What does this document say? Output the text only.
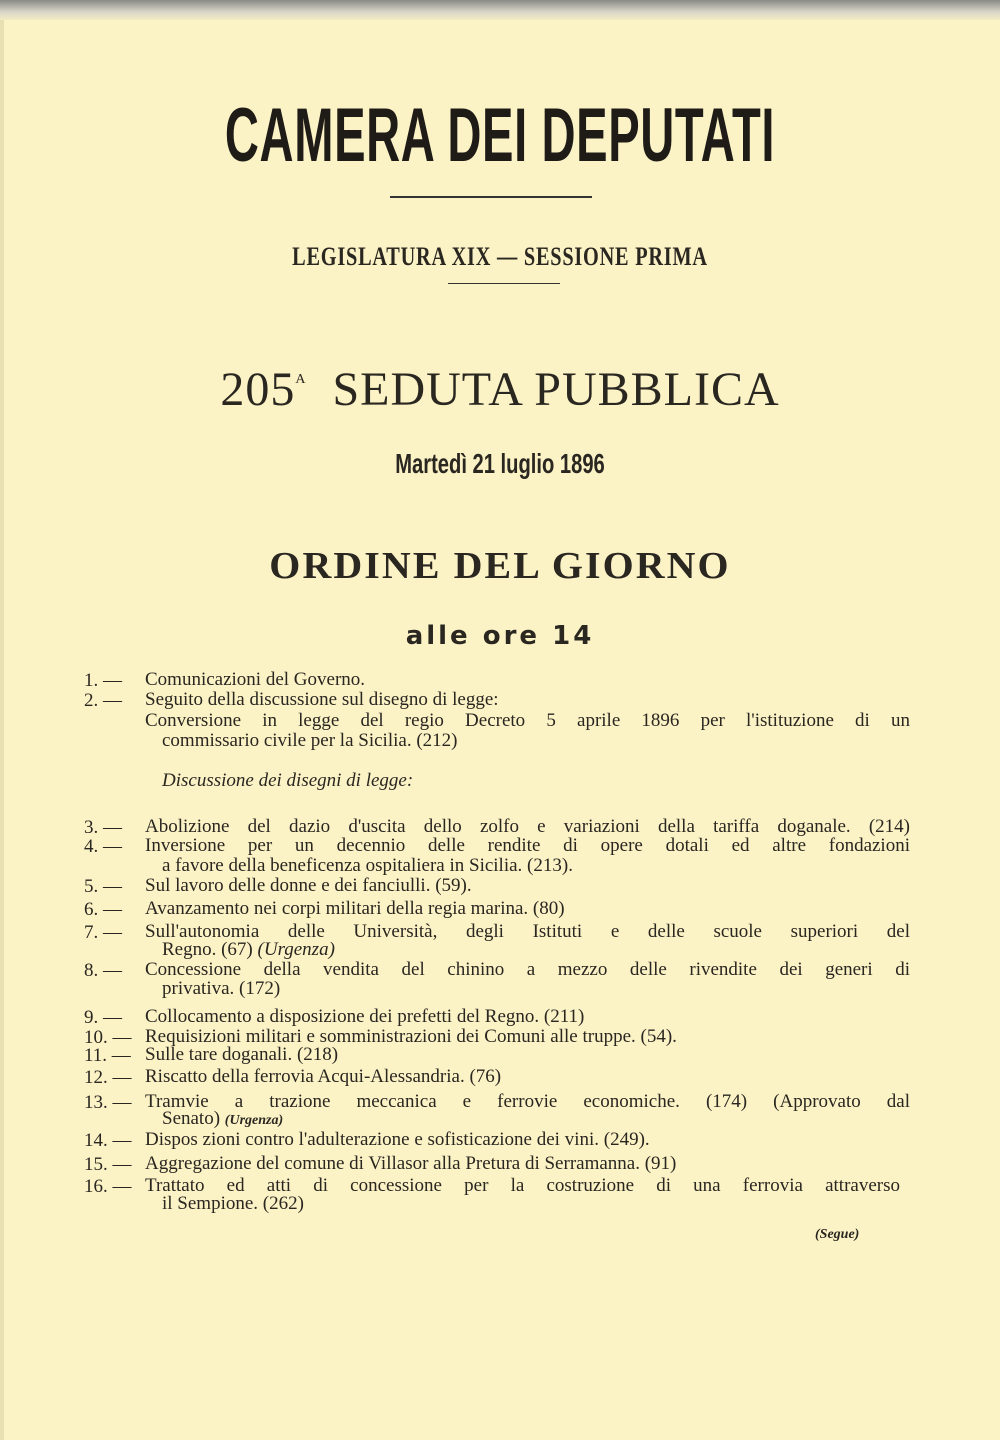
CAMERA DEI DEPUTATI
LEGISLATURA XIX — SESSIONE PRIMA
$205^A$ SEDUTA PUBBLICA
Martedì 21 luglio 1896
ORDINE DEL GIORNO
alle ore 14
1. —	Comunicazioni del Governo.
2. —	Seguito della discussione sul disegno di legge:
Conversione in legge del regio Decreto 5 aprile 1896 per l'istituzione di un
commissario civile per la Sicilia. (212)
Discussione dei disegni di legge:
3. —	Abolizione del dazio d'uscita dello zolfo e variazioni della tariffa doganale. (214)
4. —	Inversione per un decennio delle rendite di opere dotali ed altre fondazioni
a favore della beneficenza ospitaliera in Sicilia. (213).
5. —	Sul lavoro delle donne e dei fanciulli. (59).
6. —	Avanzamento nei corpi militari della regia marina. (80)
7. —	Sull'autonomia delle Università, degli Istituti e delle scuole superiori del
Regno. (67) (Urgenza)
8. —	Concessione della vendita del chinino a mezzo delle rivendite dei generi di
privativa. (172)
9. —	Collocamento a disposizione dei prefetti del Regno. (211)
10. — Requisizioni militari e somministrazioni dei Comuni alle truppe. (54).
11. — Sulle tare doganali. (218)
12. — Riscatto della ferrovia Acqui-Alessandria. (76)
13. — Tramvie a trazione meccanica e ferrovie economiche. (174) (Approvato dal
Senato) (Urgenza)
14. — Dispos zioni contro l'adulterazione e sofisticazione dei vini. (249).
15. — Aggregazione del comune di Villasor alla Pretura di Serramanna. (91)
16. — Trattato ed atti di concessione per la costruzione di una ferrovia attraverso
il Sempione. (262)
(Segue)
